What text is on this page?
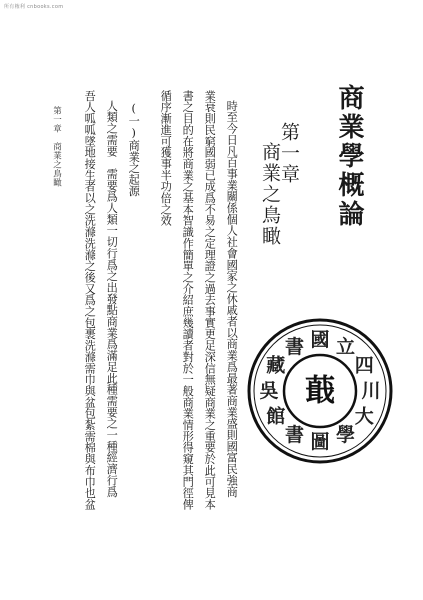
所有権利 cnbooks.com
商業學概論
第一章
商業之鳥瞰
時至今日凡百事業關係個人社會國家之休戚者以商業爲最著商業盛則國富民強商
業衰則民窮國弱已成爲不易之定理證之過去事實更足深信無疑商業之重要於此可見本
書之目的在將商業之基本智識作簡單之介紹庶幾讀者對於一般商業情形得窺其門徑俾
循序漸進可獲事半功倍之效
(一)商業之起源
人類之需要　需要爲人類一切行爲之出發點商業爲滿足此種需要之一種經濟行爲
吾人呱呱墜地接生者以之洗滌洗滌之後又爲之包裹洗滌需巾與盆包紮需棉與布巾也盆
第一章　商業之鳥瞰
國 立
四
川
大
學
圖
書
館
吳
藏
書
蕺
